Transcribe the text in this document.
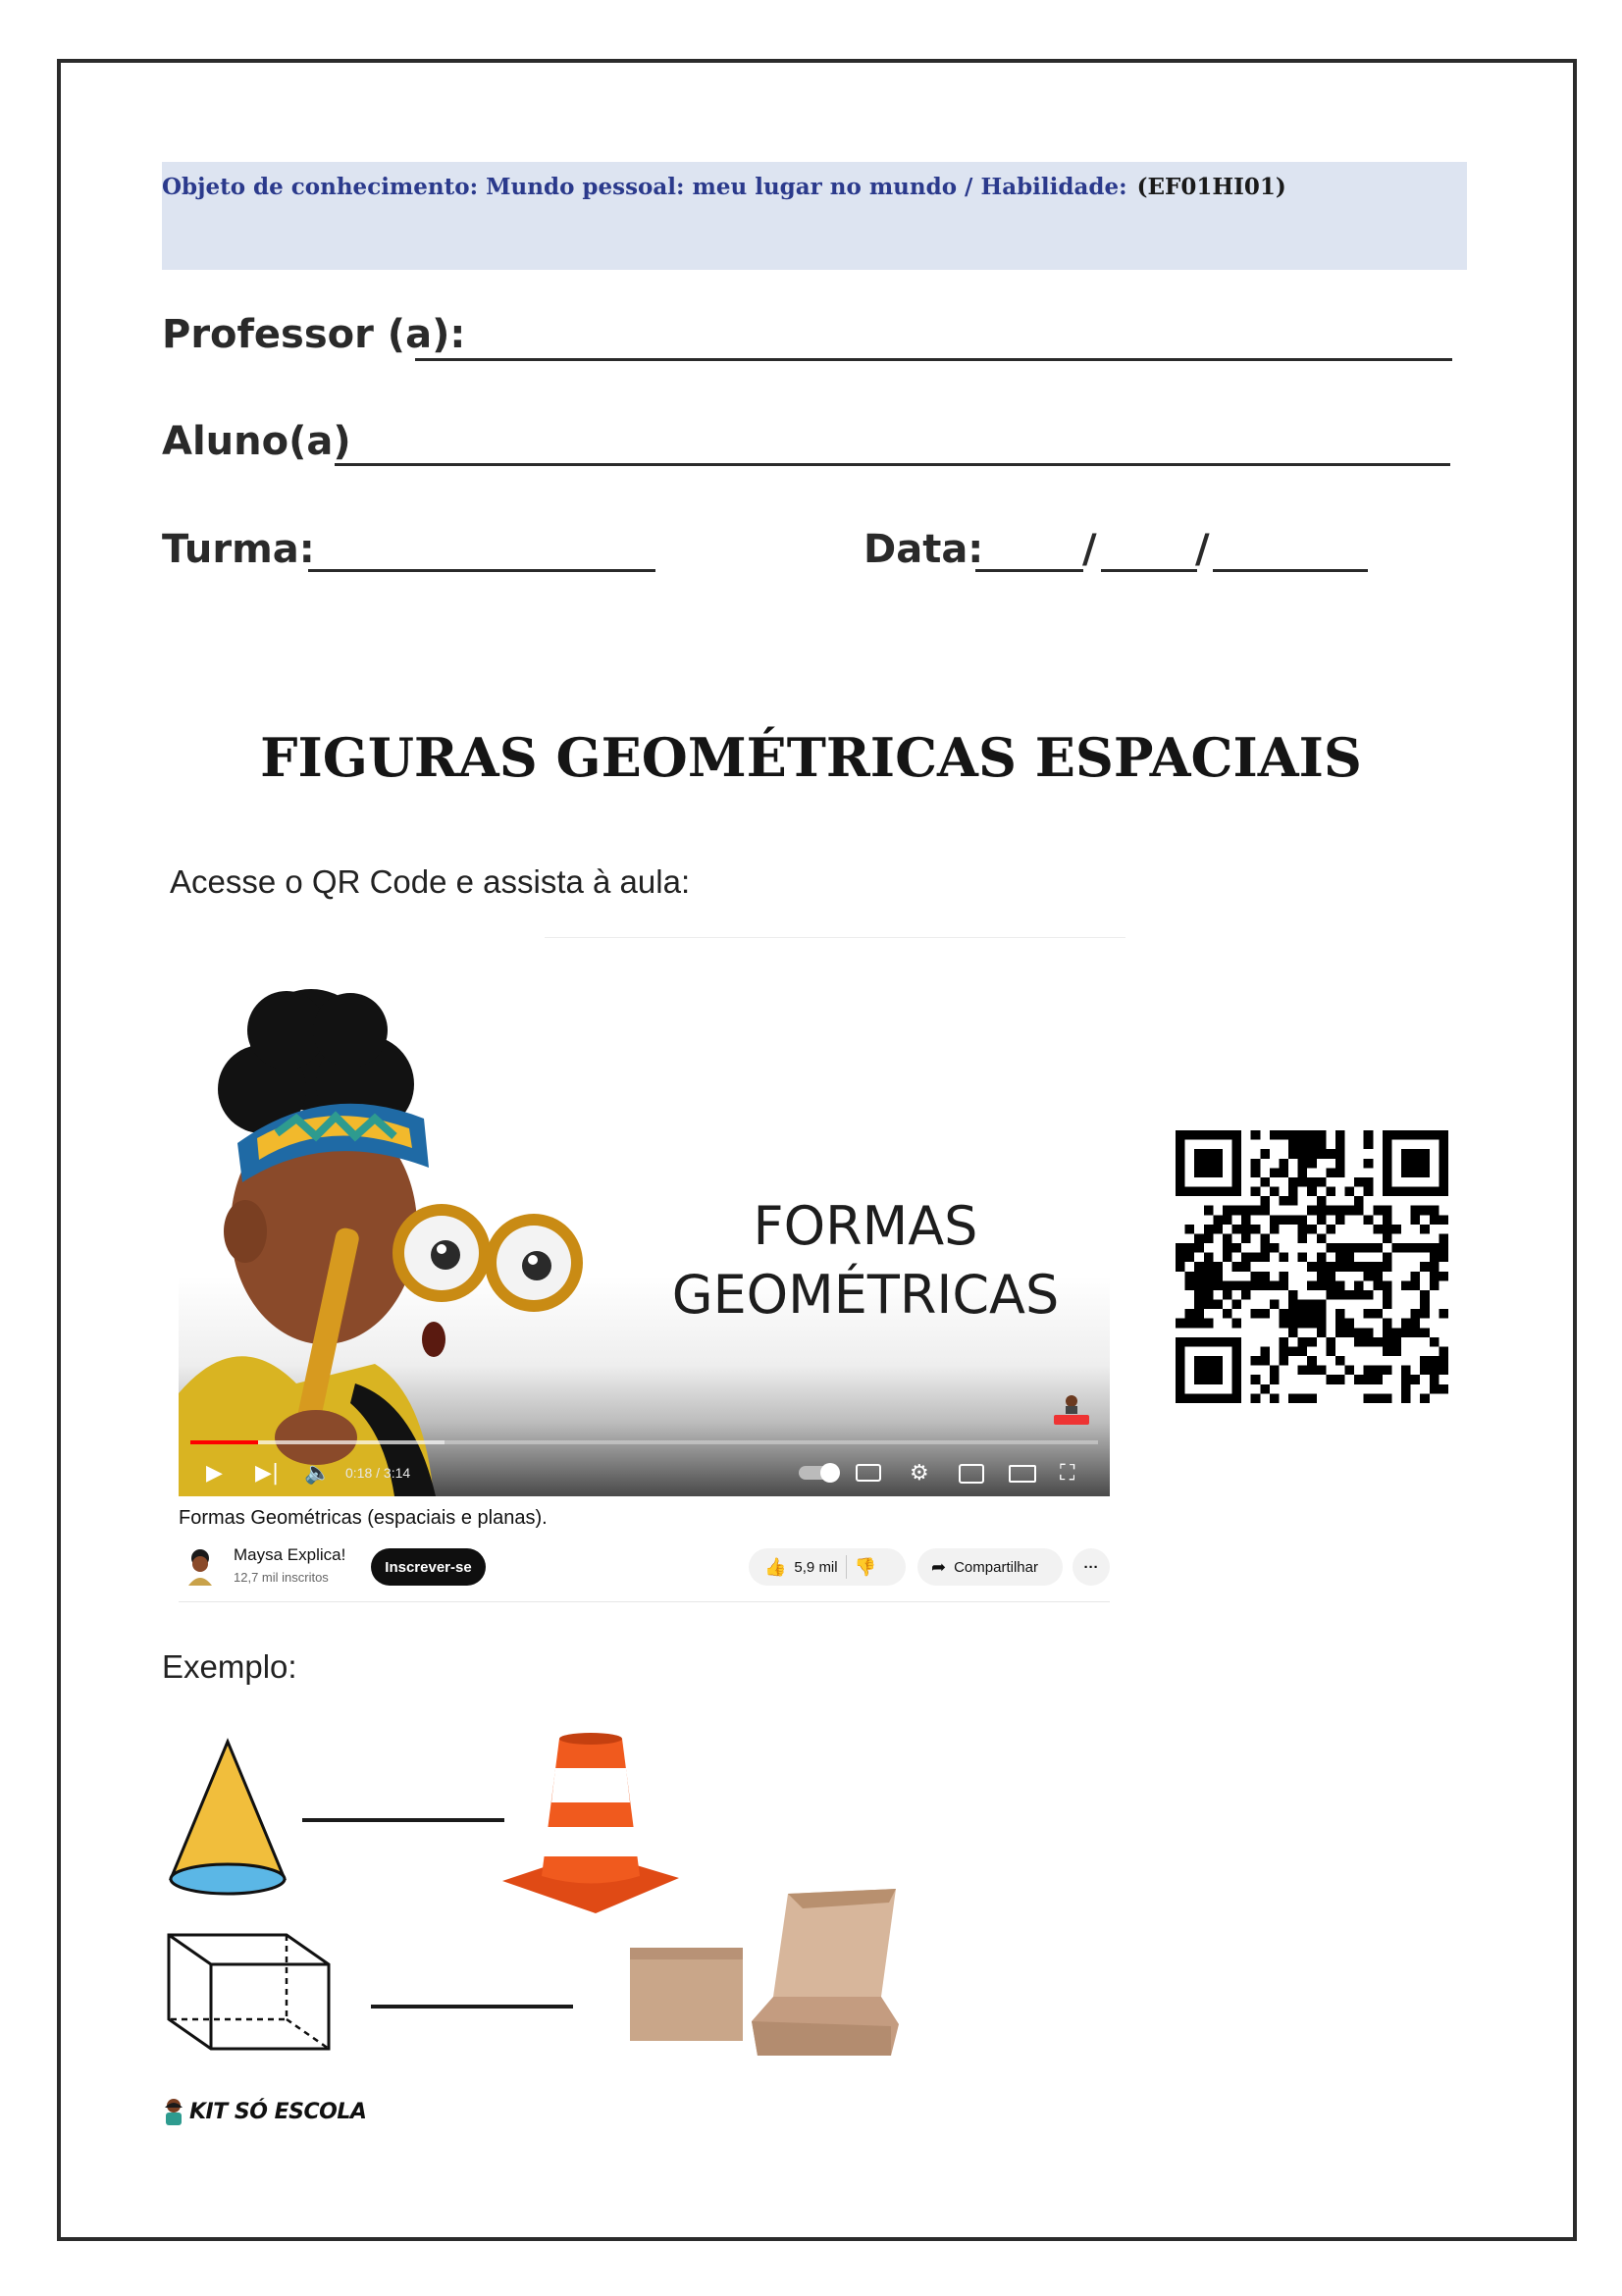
Objeto de conhecimento: Mundo pessoal: meu lugar no mundo / Habilidade: (EF01HI01)
Professor (a):
Aluno(a)
Turma:	Data:	/	/
FIGURAS GEOMÉTRICAS ESPACIAIS
Acesse o QR Code e assista à aula:
FORMAS
GEOMÉTRICAS
▶ ▶| 🔈 0:18 / 3:14	⚙	⛶
Formas Geométricas (espaciais e planas).
Maysa Explica!
12,7 mil inscritos
Inscrever-se	👍 5,9 mil 👎	➦ Compartilhar	···
Exemplo:
KIT SÓ ESCOLA
